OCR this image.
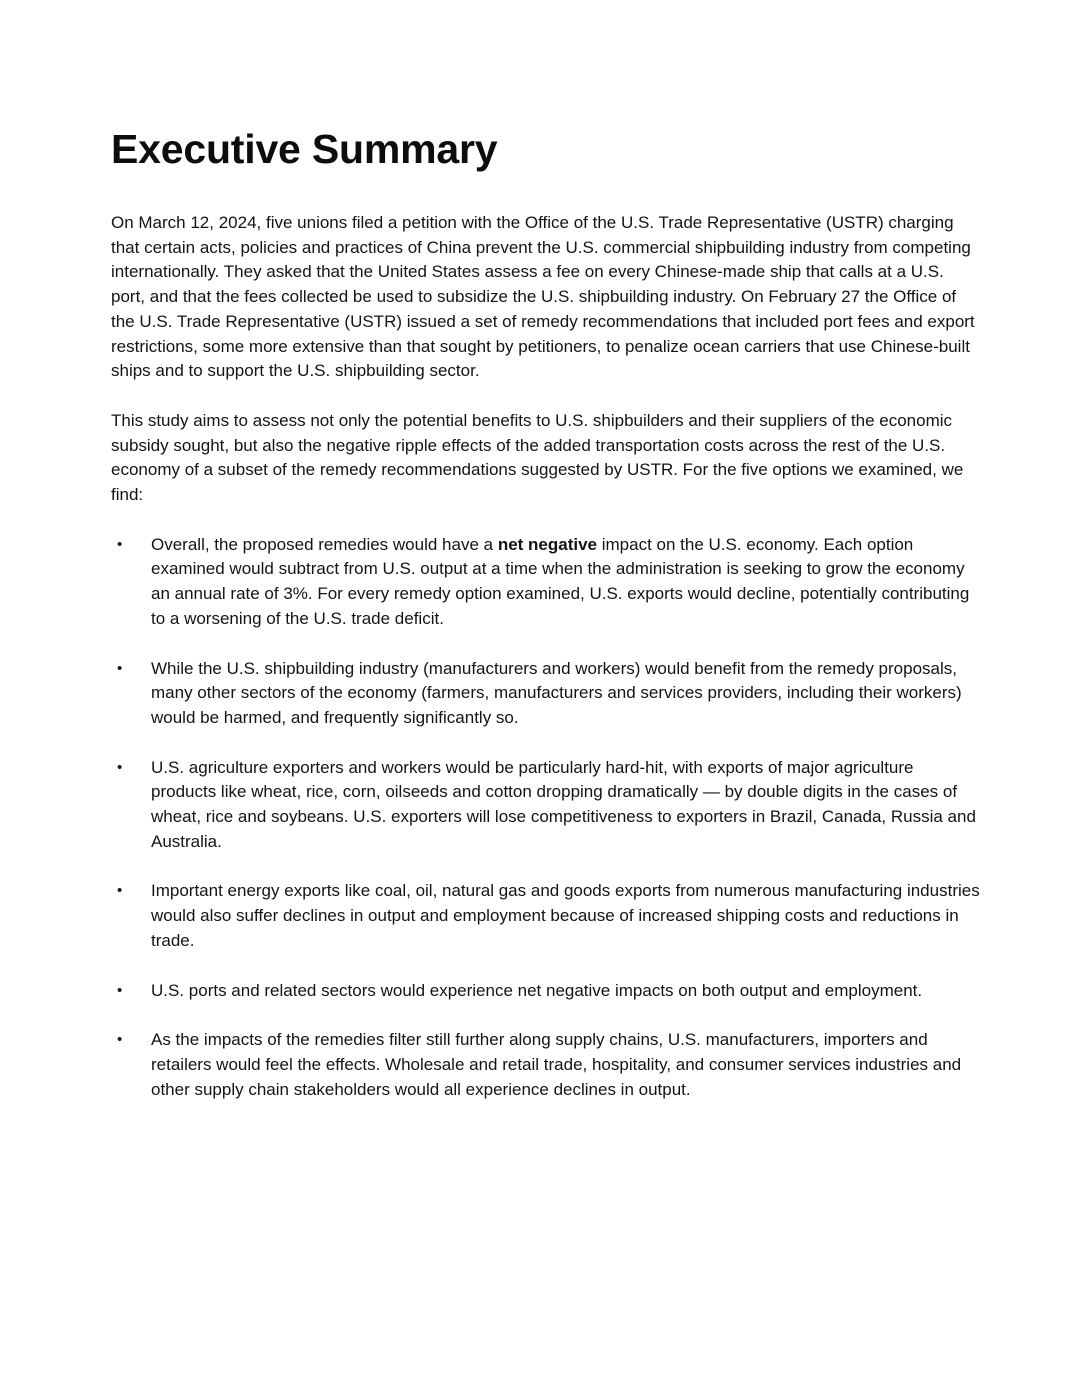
Executive Summary

On March 12, 2024, five unions filed a petition with the Office of the U.S. Trade Representative (USTR) charging that certain acts, policies and practices of China prevent the U.S. commercial shipbuilding industry from competing internationally. They asked that the United States assess a fee on every Chinese-made ship that calls at a U.S. port, and that the fees collected be used to subsidize the U.S. shipbuilding industry. On February 27 the Office of the U.S. Trade Representative (USTR) issued a set of remedy recommendations that included port fees and export restrictions, some more extensive than that sought by petitioners, to penalize ocean carriers that use Chinese-built ships and to support the U.S. shipbuilding sector.

This study aims to assess not only the potential benefits to U.S. shipbuilders and their suppliers of the economic subsidy sought, but also the negative ripple effects of the added transportation costs across the rest of the U.S. economy of a subset of the remedy recommendations suggested by USTR. For the five options we examined, we find:

• Overall, the proposed remedies would have a net negative impact on the U.S. economy. Each option examined would subtract from U.S. output at a time when the administration is seeking to grow the economy an annual rate of 3%. For every remedy option examined, U.S. exports would decline, potentially contributing to a worsening of the U.S. trade deficit.
• While the U.S. shipbuilding industry (manufacturers and workers) would benefit from the remedy proposals, many other sectors of the economy (farmers, manufacturers and services providers, including their workers) would be harmed, and frequently significantly so.
• U.S. agriculture exporters and workers would be particularly hard-hit, with exports of major agriculture products like wheat, rice, corn, oilseeds and cotton dropping dramatically — by double digits in the cases of wheat, rice and soybeans. U.S. exporters will lose competitiveness to exporters in Brazil, Canada, Russia and Australia.
• Important energy exports like coal, oil, natural gas and goods exports from numerous manufacturing industries would also suffer declines in output and employment because of increased shipping costs and reductions in trade.
• U.S. ports and related sectors would experience net negative impacts on both output and employment.
• As the impacts of the remedies filter still further along supply chains, U.S. manufacturers, importers and retailers would feel the effects. Wholesale and retail trade, hospitality, and consumer services industries and other supply chain stakeholders would all experience declines in output.
